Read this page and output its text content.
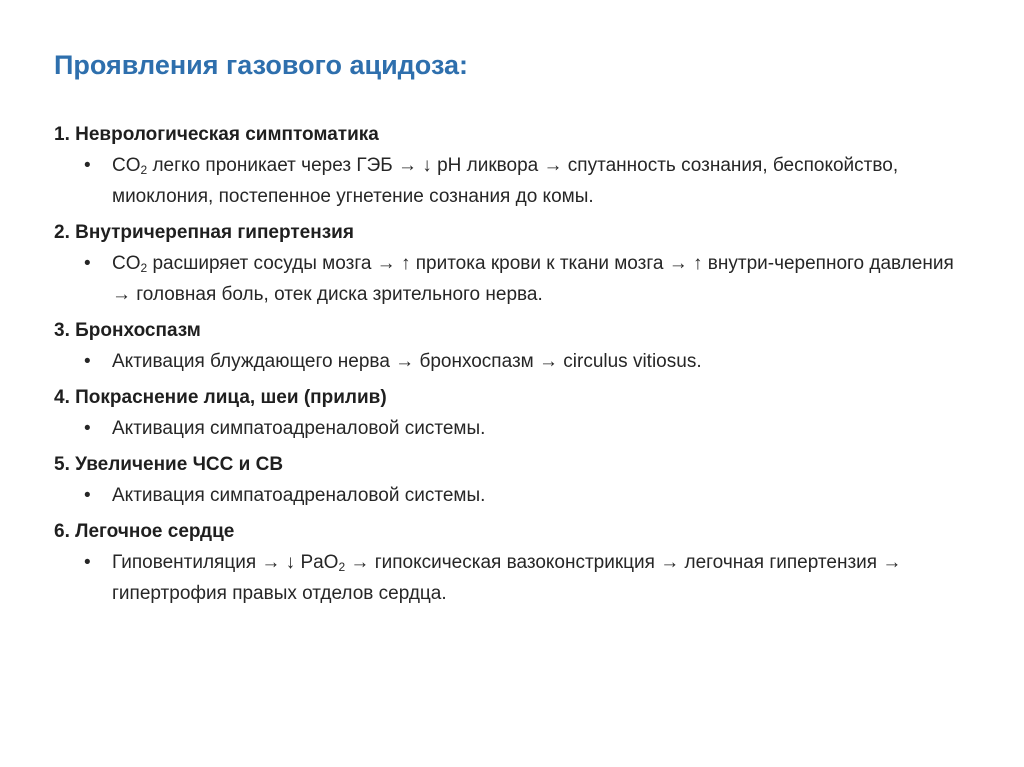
Проявления газового ацидоза:
1. Неврологическая симптоматика
•	$CO_2$ легко проникает через ГЭБ → ↓ pH ликвора → спутанность сознания, беспокойство, миоклония, постепенное угнетение сознания до комы.
2. Внутричерепная гипертензия
•	$CO_2$ расширяет сосуды мозга → ↑ притока крови к ткани мозга → ↑ внутри-черепного давления → головная боль, отек диска зрительного нерва.
3. Бронхоспазм
•	Активация блуждающего нерва → бронхоспазм → circulus vitiosus.
4. Покраснение лица, шеи (прилив)
•	Активация симпатоадреналовой системы.
5. Увеличение ЧСС и СВ
•	Активация симпатоадреналовой системы.
6. Легочное сердце
•	Гиповентиляция → ↓ PaO$_2$ → гипоксическая вазоконстрикция → легочная гипертензия → гипертрофия правых отделов сердца.
